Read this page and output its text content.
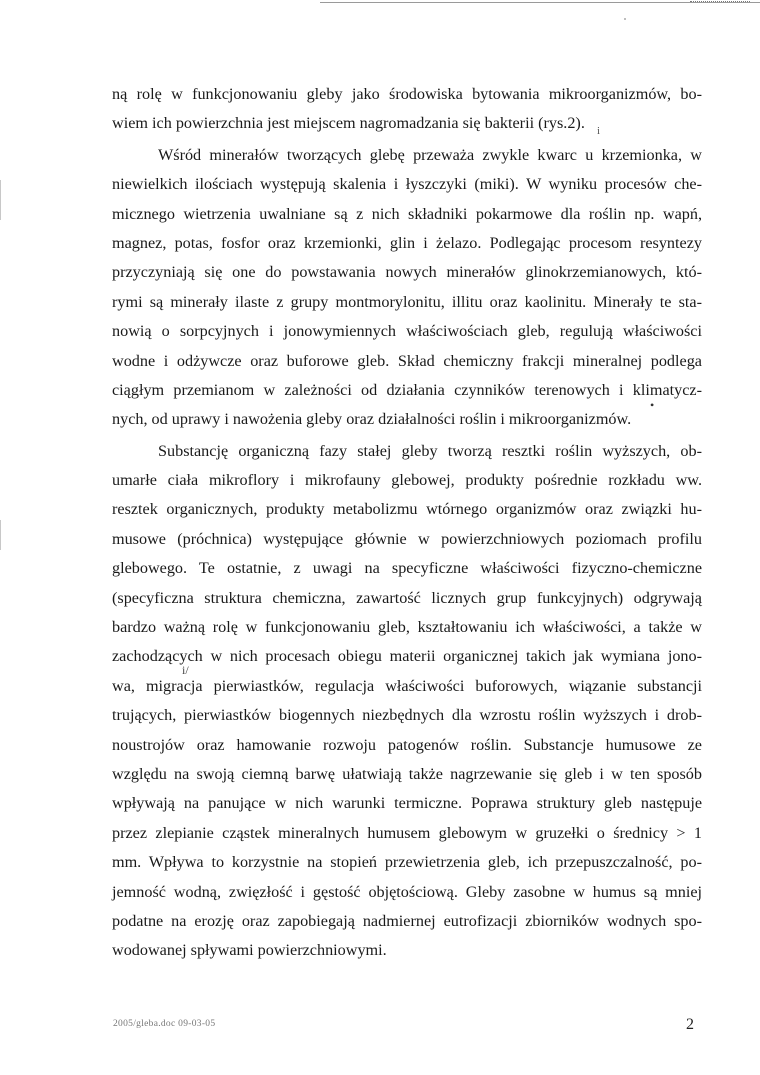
ną rolę w funkcjonowaniu gleby jako środowiska bytowania mikroorganizmów, bo-
wiem ich powierzchnia jest miejscem nagromadzania się bakterii (rys.2).
Wśród minerałów tworzących glebę przeważa zwykle kwarc u krzemionka, w
niewielkich ilościach występują skalenia i łyszczyki (miki). W wyniku procesów che-
micznego wietrzenia uwalniane są z nich składniki pokarmowe dla roślin np. wapń,
magnez, potas, fosfor oraz krzemionki, glin i żelazo. Podlegając procesom resyntezy
przyczyniają się one do powstawania nowych minerałów glinokrzemianowych, któ-
rymi są minerały ilaste z grupy montmorylonitu, illitu oraz kaolinitu. Minerały te sta-
nowią o sorpcyjnych i jonowymiennych właściwościach gleb, regulują właściwości
wodne i odżywcze oraz buforowe gleb. Skład chemiczny frakcji mineralnej podlega
ciągłym przemianom w zależności od działania czynników terenowych i klimatycz-
nych, od uprawy i nawożenia gleby oraz działalności roślin i mikroorganizmów.
Substancję organiczną fazy stałej gleby tworzą resztki roślin wyższych, ob-
umarłe ciała mikroflory i mikrofauny glebowej, produkty pośrednie rozkładu ww.
resztek organicznych, produkty metabolizmu wtórnego organizmów oraz związki hu-
musowe (próchnica) występujące głównie w powierzchniowych poziomach profilu
glebowego. Te ostatnie, z uwagi na specyficzne właściwości fizyczno-chemiczne
(specyficzna struktura chemiczna, zawartość licznych grup funkcyjnych) odgrywają
bardzo ważną rolę w funkcjonowaniu gleb, kształtowaniu ich właściwości, a także w
zachodzących w nich procesach obiegu materii organicznej takich jak wymiana jono-
wa, migracja pierwiastków, regulacja właściwości buforowych, wiązanie substancji
trujących, pierwiastków biogennych niezbędnych dla wzrostu roślin wyższych i drob-
noustrojów oraz hamowanie rozwoju patogenów roślin. Substancje humusowe ze
względu na swoją ciemną barwę ułatwiają także nagrzewanie się gleb i w ten sposób
wpływają na panujące w nich warunki termiczne. Poprawa struktury gleb następuje
przez zlepianie cząstek mineralnych humusem glebowym w gruzełki o średnicy > 1
mm. Wpływa to korzystnie na stopień przewietrzenia gleb, ich przepuszczalność, po-
jemność wodną, zwięzłość i gęstość objętościową. Gleby zasobne w humus są mniej
podatne na erozję oraz zapobiegają nadmiernej eutrofizacji zbiorników wodnych spo-
wodowanej spływami powierzchniowymi.
i
•
i/
2005/gleba.doc 09-03-05	2
